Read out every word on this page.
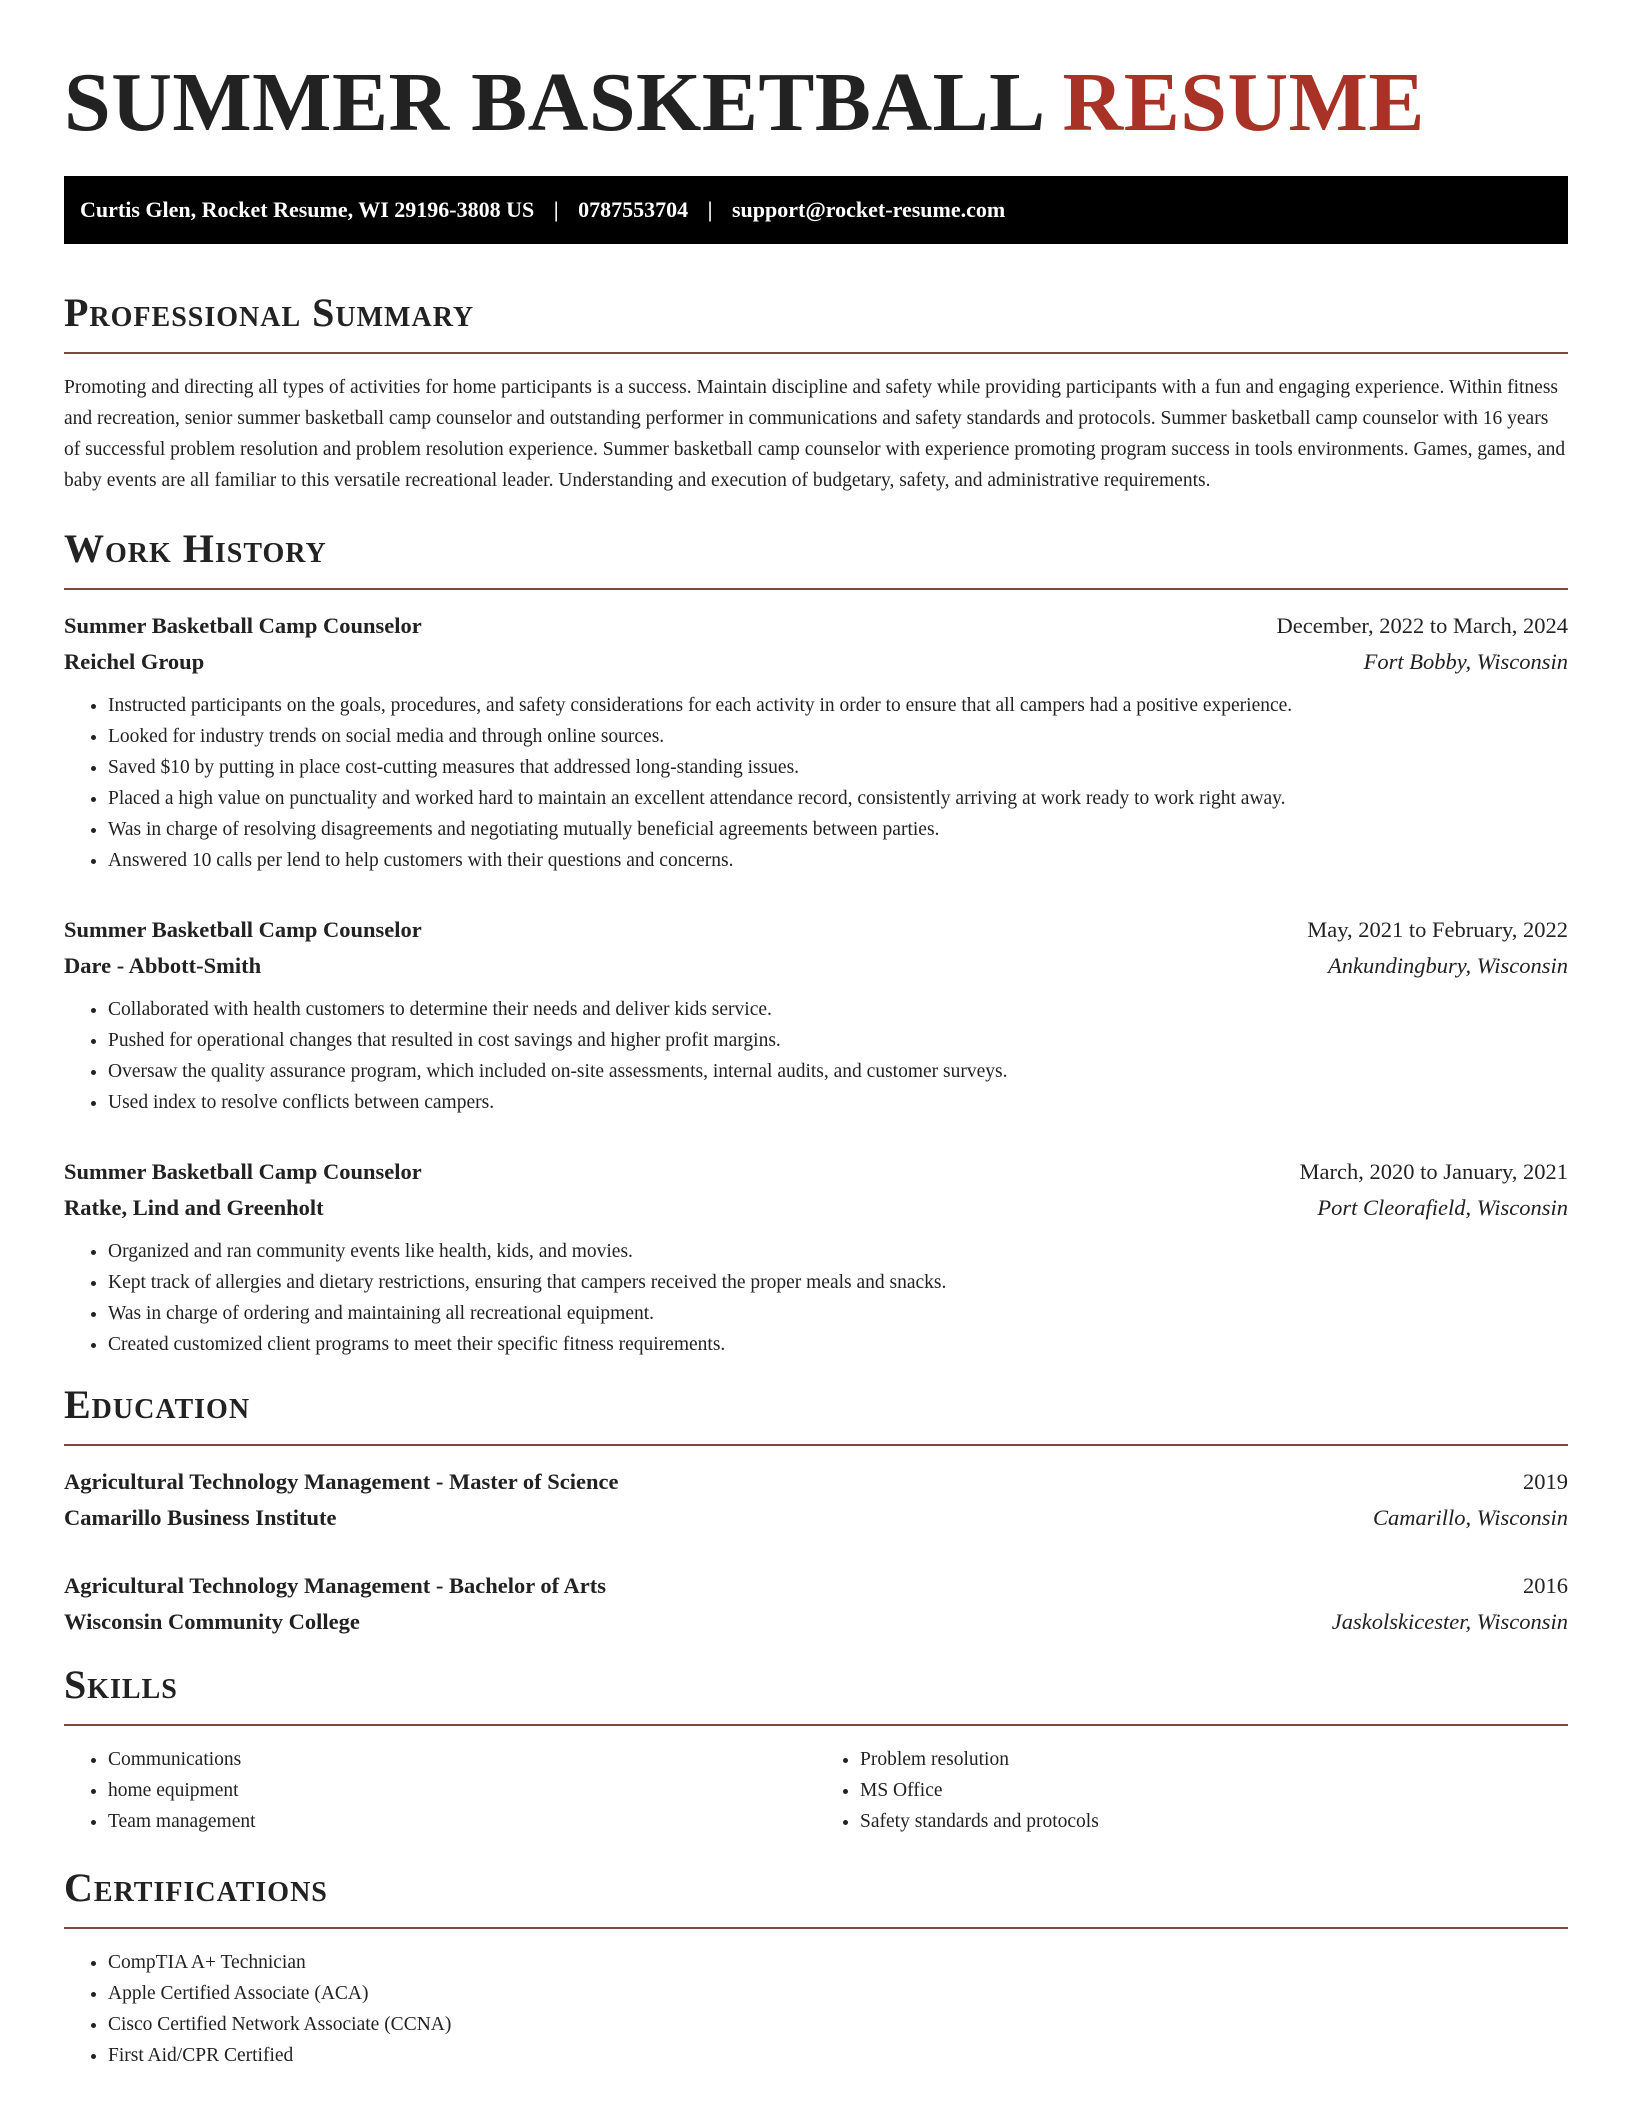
SUMMER BASKETBALL RESUME
Curtis Glen, Rocket Resume, WI 29196-3808 US | 0787553704 | support@rocket-resume.com
Professional Summary

Promoting and directing all types of activities for home participants is a success. Maintain discipline and safety while providing participants with a fun and engaging experience. Within fitness and recreation, senior summer basketball camp counselor and outstanding performer in communications and safety standards and protocols. Summer basketball camp counselor with 16 years of successful problem resolution and problem resolution experience. Summer basketball camp counselor with experience promoting program success in tools environments. Games, games, and baby events are all familiar to this versatile recreational leader. Understanding and execution of budgetary, safety, and administrative requirements.

Work History
Summer Basketball Camp Counselor	December, 2022 to March, 2024
Reichel Group	Fort Bobby, Wisconsin
• Instructed participants on the goals, procedures, and safety considerations for each activity in order to ensure that all campers had a positive experience.
• Looked for industry trends on social media and through online sources.
• Saved $10 by putting in place cost-cutting measures that addressed long-standing issues.
• Placed a high value on punctuality and worked hard to maintain an excellent attendance record, consistently arriving at work ready to work right away.
• Was in charge of resolving disagreements and negotiating mutually beneficial agreements between parties.
• Answered 10 calls per lend to help customers with their questions and concerns.
Summer Basketball Camp Counselor	May, 2021 to February, 2022
Dare - Abbott-Smith	Ankundingbury, Wisconsin
• Collaborated with health customers to determine their needs and deliver kids service.
• Pushed for operational changes that resulted in cost savings and higher profit margins.
• Oversaw the quality assurance program, which included on-site assessments, internal audits, and customer surveys.
• Used index to resolve conflicts between campers.
Summer Basketball Camp Counselor	March, 2020 to January, 2021
Ratke, Lind and Greenholt	Port Cleorafield, Wisconsin
• Organized and ran community events like health, kids, and movies.
• Kept track of allergies and dietary restrictions, ensuring that campers received the proper meals and snacks.
• Was in charge of ordering and maintaining all recreational equipment.
• Created customized client programs to meet their specific fitness requirements.
Education
Agricultural Technology Management - Master of Science	2019
Camarillo Business Institute	Camarillo, Wisconsin
Agricultural Technology Management - Bachelor of Arts	2016
Wisconsin Community College	Jaskolskicester, Wisconsin
Skills
• Communications
• home equipment
• Team management
• Problem resolution
• MS Office
• Safety standards and protocols
Certifications
• CompTIA A+ Technician
• Apple Certified Associate (ACA)
• Cisco Certified Network Associate (CCNA)
• First Aid/CPR Certified
